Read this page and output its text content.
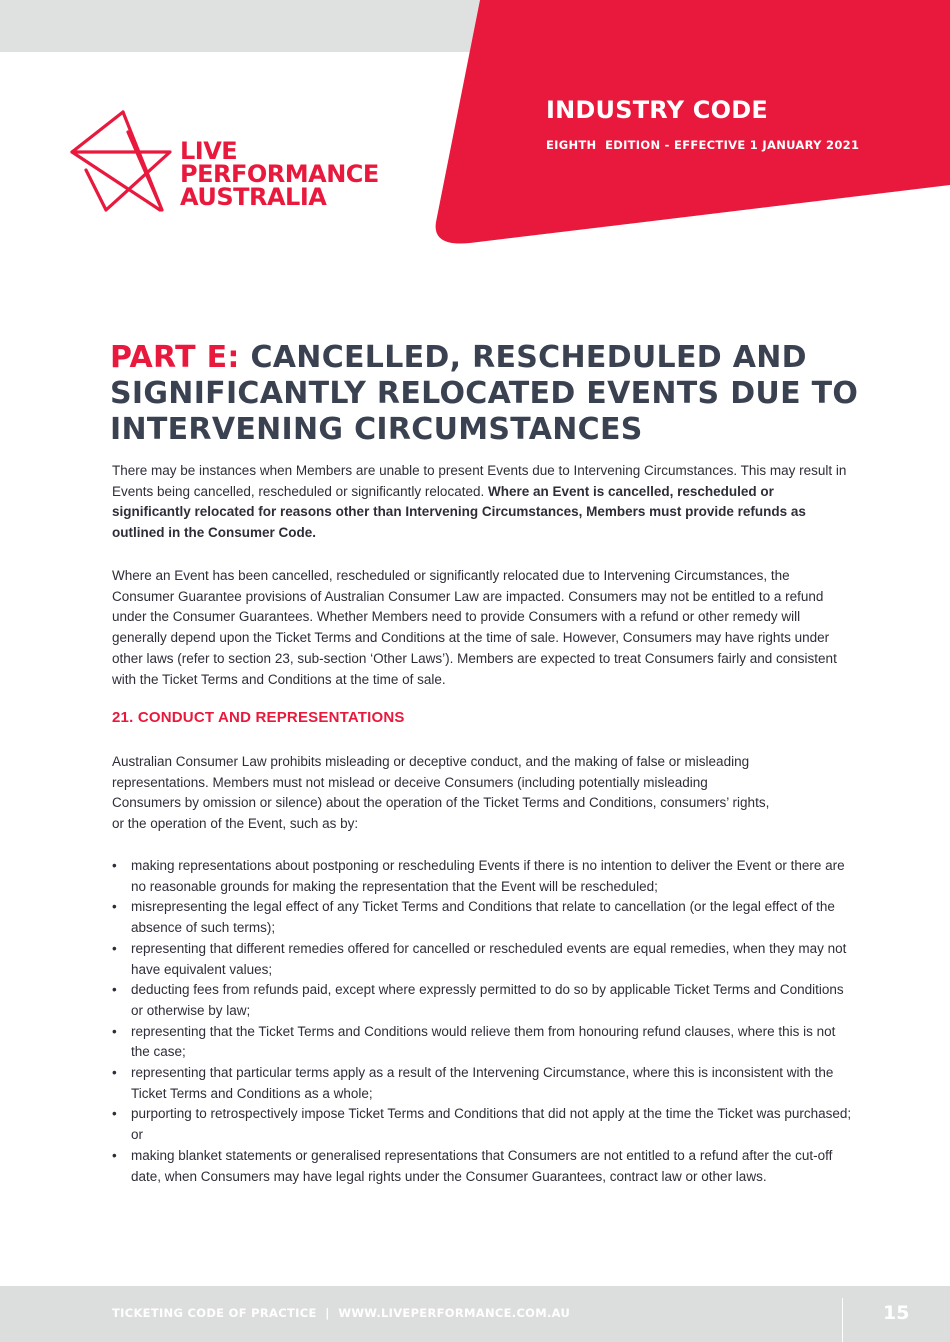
LIVE
PERFORMANCE
AUSTRALIA

INDUSTRY CODE

EIGHTH  EDITION - EFFECTIVE 1 JANUARY 2021

PART E: CANCELLED, RESCHEDULED AND SIGNIFICANTLY RELOCATED EVENTS DUE TO INTERVENING CIRCUMSTANCES

There may be instances when Members are unable to present Events due to Intervening Circumstances. This may result in Events being cancelled, rescheduled or significantly relocated. Where an Event is cancelled, rescheduled or significantly relocated for reasons other than Intervening Circumstances, Members must provide refunds as outlined in the Consumer Code.

Where an Event has been cancelled, rescheduled or significantly relocated due to Intervening Circumstances, the Consumer Guarantee provisions of Australian Consumer Law are impacted. Consumers may not be entitled to a refund under the Consumer Guarantees. Whether Members need to provide Consumers with a refund or other remedy will generally depend upon the Ticket Terms and Conditions at the time of sale. However, Consumers may have rights under other laws (refer to section 23, sub-section ‘Other Laws’). Members are expected to treat Consumers fairly and consistent with the Ticket Terms and Conditions at the time of sale.

21. CONDUCT AND REPRESENTATIONS

Australian Consumer Law prohibits misleading or deceptive conduct, and the making of false or misleading representations. Members must not mislead or deceive Consumers (including potentially misleading Consumers by omission or silence) about the operation of the Ticket Terms and Conditions, consumers’ rights, or the operation of the Event, such as by:

• making representations about postponing or rescheduling Events if there is no intention to deliver the Event or there are no reasonable grounds for making the representation that the Event will be rescheduled;
• misrepresenting the legal effect of any Ticket Terms and Conditions that relate to cancellation (or the legal effect of the absence of such terms);
• representing that different remedies offered for cancelled or rescheduled events are equal remedies, when they may not have equivalent values;
• deducting fees from refunds paid, except where expressly permitted to do so by applicable Ticket Terms and Conditions or otherwise by law;
• representing that the Ticket Terms and Conditions would relieve them from honouring refund clauses, where this is not the case;
• representing that particular terms apply as a result of the Intervening Circumstance, where this is inconsistent with the Ticket Terms and Conditions as a whole;
• purporting to retrospectively impose Ticket Terms and Conditions that did not apply at the time the Ticket was purchased; or
• making blanket statements or generalised representations that Consumers are not entitled to a refund after the cut-off date, when Consumers may have legal rights under the Consumer Guarantees, contract law or other laws.

TICKETING CODE OF PRACTICE  |  WWW.LIVEPERFORMANCE.COM.AU	15
